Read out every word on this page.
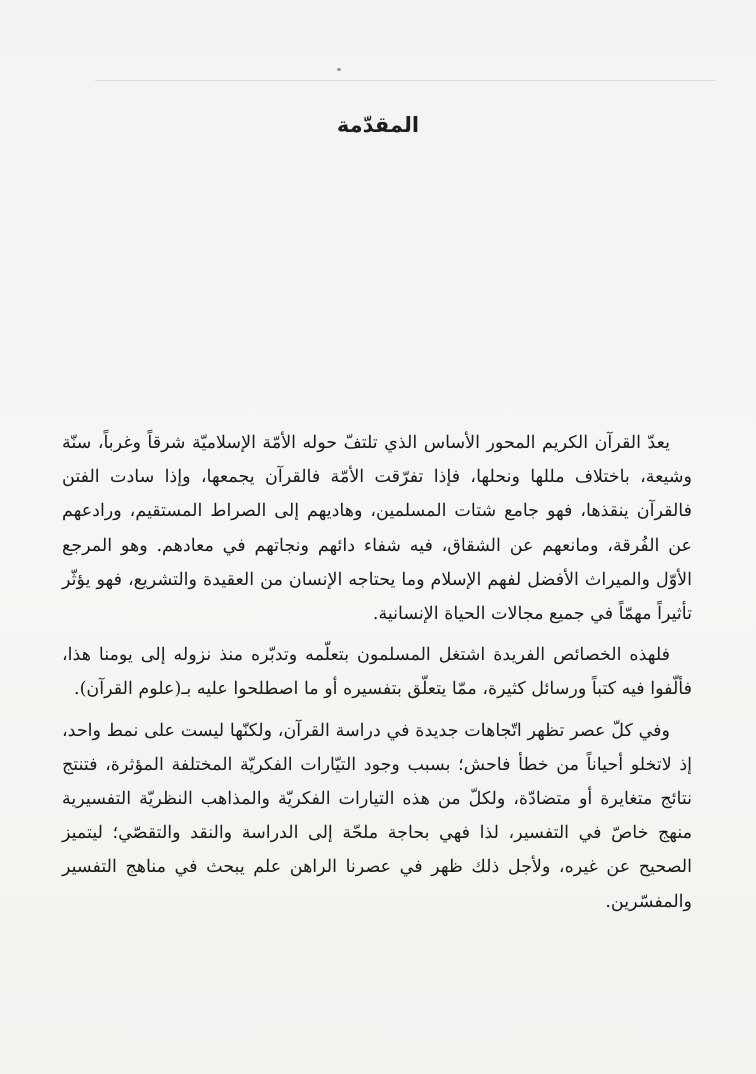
المقدّمة

يعدّ القرآن الكريم المحور الأساس الذي تلتفّ حوله الأمّة الإسلاميّة شرقاً وغرباً، سنّة وشيعة، باختلاف مللها ونحلها، فإذا تفرّقت الأمّة فالقرآن يجمعها، وإذا سادت الفتن فالقرآن ينقذها، فهو جامع شتات المسلمين، وهاديهم إلى الصراط المستقيم، ورادعهم عن الفُرقة، ومانعهم عن الشقاق، فيه شفاء دائهم ونجاتهم في معادهم. وهو المرجع الأوّل والميراث الأفضل لفهم الإسلام وما يحتاجه الإنسان من العقيدة والتشريع، فهو يؤثّر تأثيراً مهمّاً في جميع مجالات الحياة الإنسانية.

فلهذه الخصائص الفريدة اشتغل المسلمون بتعلّمه وتدبّره منذ نزوله إلى يومنا هذا، فألّفوا فيه كتباً ورسائل كثيرة، ممّا يتعلّق بتفسيره أو ما اصطلحوا عليه بـ(علوم القرآن).

وفي كلّ عصر تظهر اتّجاهات جديدة في دراسة القرآن، ولكنّها ليست على نمط واحد، إذ لاتخلو أحياناً من خطأ فاحش؛ بسبب وجود التيّارات الفكريّة المختلفة المؤثرة، فتنتج نتائج متغايرة أو متضادّة، ولكلّ من هذه التيارات الفكريّة والمذاهب النظريّة التفسيرية منهج خاصّ في التفسير، لذا فهي بحاجة ملحّة إلى الدراسة والنقد والتقصّي؛ ليتميز الصحيح عن غيره، ولأجل ذلك ظهر في عصرنا الراهن علم يبحث في مناهج التفسير والمفسّرين.
